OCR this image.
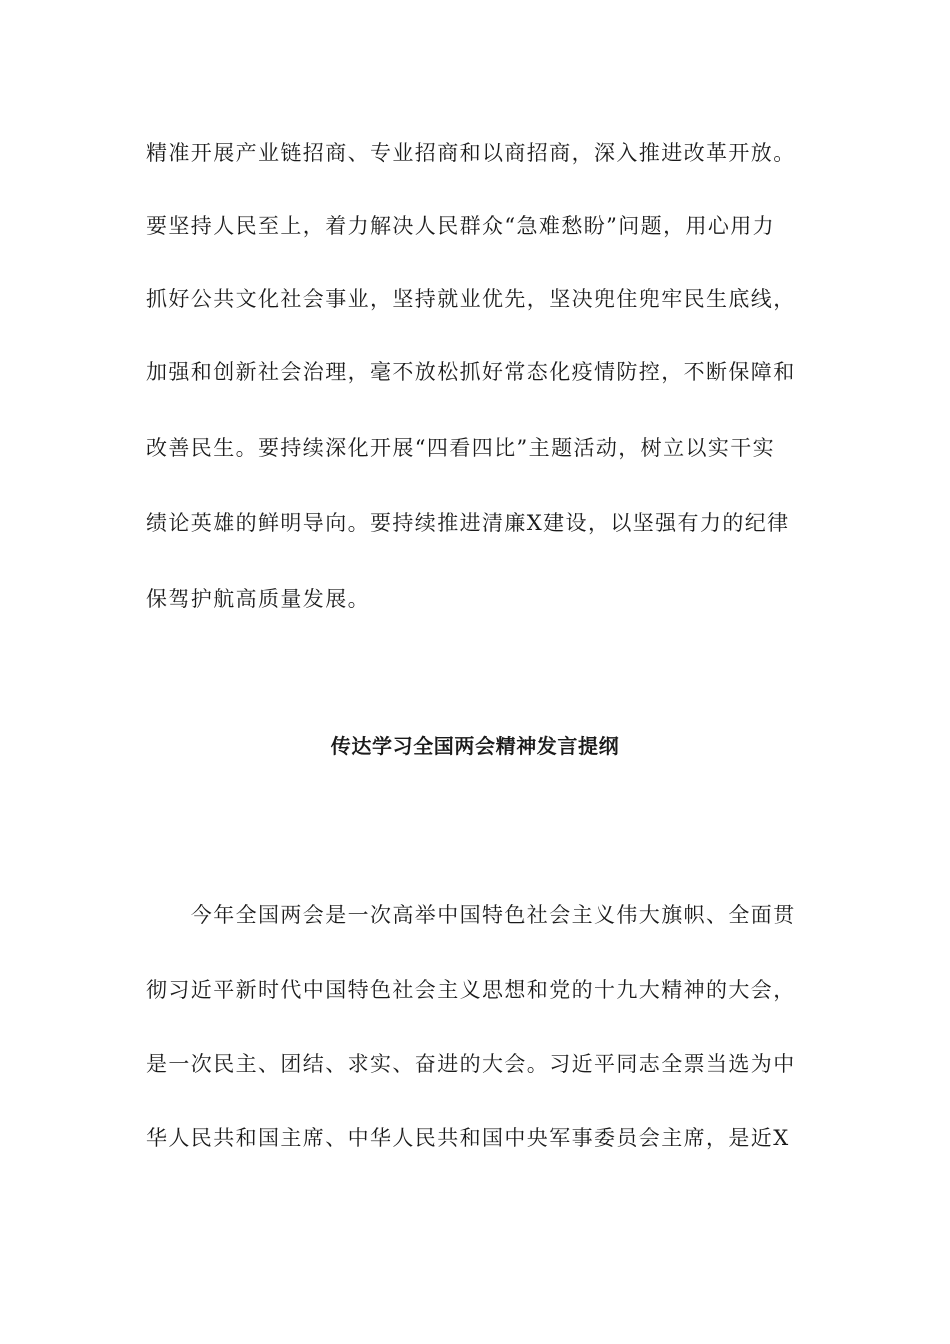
精准开展产业链招商、专业招商和以商招商，深入推进改革开放。
要坚持人民至上，着力解决人民群众“急难愁盼”问题，用心用力
抓好公共文化社会事业，坚持就业优先，坚决兜住兜牢民生底线，
加强和创新社会治理，毫不放松抓好常态化疫情防控，不断保障和
改善民生。要持续深化开展“四看四比”主题活动，树立以实干实
绩论英雄的鲜明导向。要持续推进清廉X建设，以坚强有力的纪律
保驾护航高质量发展。
传达学习全国两会精神发言提纲
　　今年全国两会是一次高举中国特色社会主义伟大旗帜、全面贯
彻习近平新时代中国特色社会主义思想和党的十九大精神的大会，
是一次民主、团结、求实、奋进的大会。习近平同志全票当选为中
华人民共和国主席、中华人民共和国中央军事委员会主席，是近X
